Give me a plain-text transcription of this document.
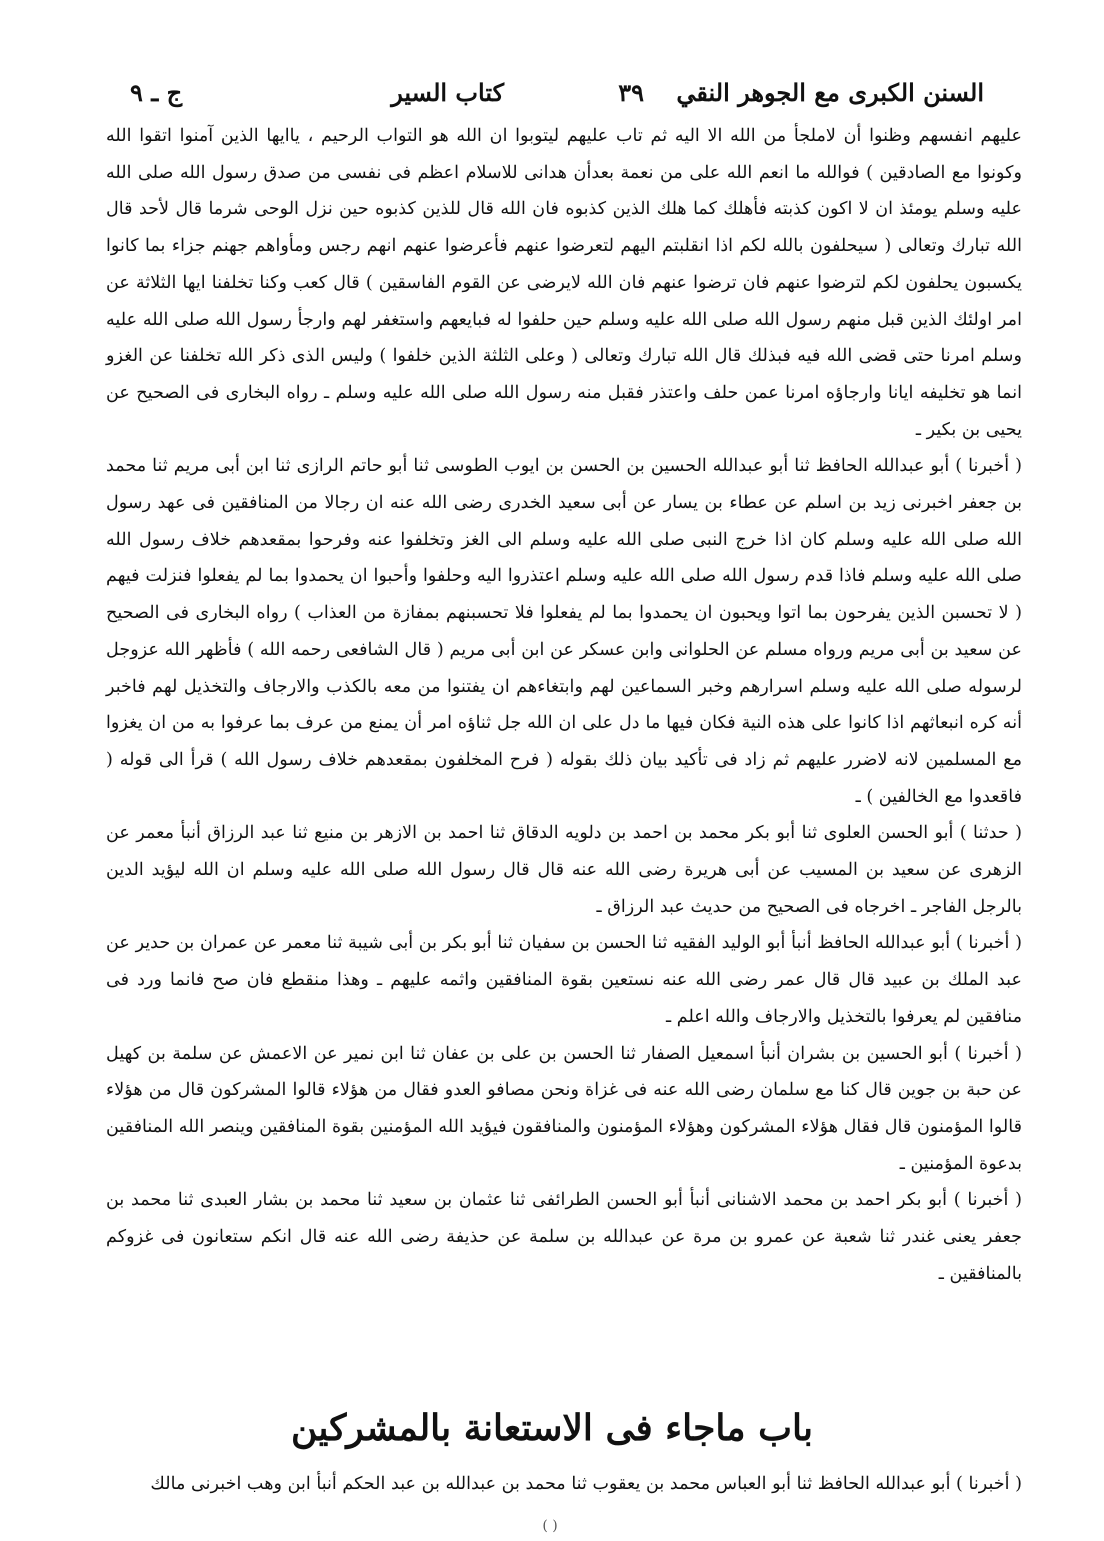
السنن الكبرى مع الجوهر النقي
٣٩
كتاب السير
ج ـ ٩

عليهم انفسهم وظنوا أن لاملجأ من الله الا اليه ثم تاب عليهم ليتوبوا ان الله هو التواب الرحيم ، ياايها الذين آمنوا اتقوا الله وكونوا مع الصادقين ) فوالله ما انعم الله على من نعمة بعدأن هدانى للاسلام اعظم فى نفسى من صدق رسول الله صلى الله عليه وسلم يومئذ ان لا اكون كذبته فأهلك كما هلك الذين كذبوه فان الله قال للذين كذبوه حين نزل الوحى شرما قال لأحد قال الله تبارك وتعالى ( سيحلفون بالله لكم اذا انقلبتم اليهم لتعرضوا عنهم فأعرضوا عنهم انهم رجس ومأواهم جهنم جزاء بما كانوا يكسبون يحلفون لكم لترضوا عنهم فان ترضوا عنهم فان الله لايرضى عن القوم الفاسقين ) قال كعب وكنا تخلفنا ايها الثلاثة عن امر اولئك الذين قبل منهم رسول الله صلى الله عليه وسلم حين حلفوا له فبايعهم واستغفر لهم وارجأ رسول الله صلى الله عليه وسلم امرنا حتى قضى الله فيه فبذلك قال الله تبارك وتعالى ( وعلى الثلثة الذين خلفوا ) وليس الذى ذكر الله تخلفنا عن الغزو انما هو تخليفه ايانا وارجاؤه امرنا عمن حلف واعتذر فقبل منه رسول الله صلى الله عليه وسلم ـ رواه البخارى فى الصحيح عن يحيى بن بكير ـ

( أخبرنا ) أبو عبدالله الحافظ ثنا أبو عبدالله الحسين بن الحسن بن ايوب الطوسى ثنا أبو حاتم الرازى ثنا ابن أبى مريم ثنا محمد بن جعفر اخبرنى زيد بن اسلم عن عطاء بن يسار عن أبى سعيد الخدرى رضى الله عنه ان رجالا من المنافقين فى عهد رسول الله صلى الله عليه وسلم كان اذا خرج النبى صلى الله عليه وسلم الى الغز وتخلفوا عنه وفرحوا بمقعدهم خلاف رسول الله صلى الله عليه وسلم فاذا قدم رسول الله صلى الله عليه وسلم اعتذروا اليه وحلفوا وأحبوا ان يحمدوا بما لم يفعلوا فنزلت فيهم ( لا تحسبن الذين يفرحون بما اتوا ويحبون ان يحمدوا بما لم يفعلوا فلا تحسبنهم بمفازة من العذاب ) رواه البخارى فى الصحيح عن سعيد بن أبى مريم ورواه مسلم عن الحلوانى وابن عسكر عن ابن أبى مريم ( قال الشافعى رحمه الله ) فأظهر الله عزوجل لرسوله صلى الله عليه وسلم اسرارهم وخبر السماعين لهم وابتغاءهم ان يفتنوا من معه بالكذب والارجاف والتخذيل لهم فاخبر أنه كره انبعاثهم اذا كانوا على هذه النية فكان فيها ما دل على ان الله جل ثناؤه امر أن يمنع من عرف بما عرفوا به من ان يغزوا مع المسلمين لانه لاضرر عليهم ثم زاد فى تأكيد بيان ذلك بقوله ( فرح المخلفون بمقعدهم خلاف رسول الله ) قرأ الى قوله ( فاقعدوا مع الخالفين ) ـ

( حدثنا ) أبو الحسن العلوى ثنا أبو بكر محمد بن احمد بن دلويه الدقاق ثنا احمد بن الازهر بن منيع ثنا عبد الرزاق أنبأ معمر عن الزهرى عن سعيد بن المسيب عن أبى هريرة رضى الله عنه قال قال رسول الله صلى الله عليه وسلم ان الله ليؤيد الدين بالرجل الفاجر ـ اخرجاه فى الصحيح من حديث عبد الرزاق ـ

( أخبرنا ) أبو عبدالله الحافظ أنبأ أبو الوليد الفقيه ثنا الحسن بن سفيان ثنا أبو بكر بن أبى شيبة ثنا معمر عن عمران بن حدير عن عبد الملك بن عبيد قال قال عمر رضى الله عنه نستعين بقوة المنافقين واثمه عليهم ـ وهذا منقطع فان صح فانما ورد فى منافقين لم يعرفوا بالتخذيل والارجاف والله اعلم ـ

( أخبرنا ) أبو الحسين بن بشران أنبأ اسمعيل الصفار ثنا الحسن بن على بن عفان ثنا ابن نمير عن الاعمش عن سلمة بن كهيل عن حبة بن جوين قال كنا مع سلمان رضى الله عنه فى غزاة ونحن مصافو العدو فقال من هؤلاء قالوا المشركون قال من هؤلاء قالوا المؤمنون قال فقال هؤلاء المشركون وهؤلاء المؤمنون والمنافقون فيؤيد الله المؤمنين بقوة المنافقين وينصر الله المنافقين بدعوة المؤمنين ـ

( أخبرنا ) أبو بكر احمد بن محمد الاشنانى أنبأ أبو الحسن الطرائفى ثنا عثمان بن سعيد ثنا محمد بن بشار العبدى ثنا محمد بن جعفر يعنى غندر ثنا شعبة عن عمرو بن مرة عن عبدالله بن سلمة عن حذيفة رضى الله عنه قال انكم ستعانون فى غزوكم بالمنافقين ـ

باب ماجاء فى الاستعانة بالمشركين
( أخبرنا ) أبو عبدالله الحافظ ثنا أبو العباس محمد بن يعقوب ثنا محمد بن عبدالله بن عبد الحكم أنبأ ابن وهب اخبرنى مالك
( )
